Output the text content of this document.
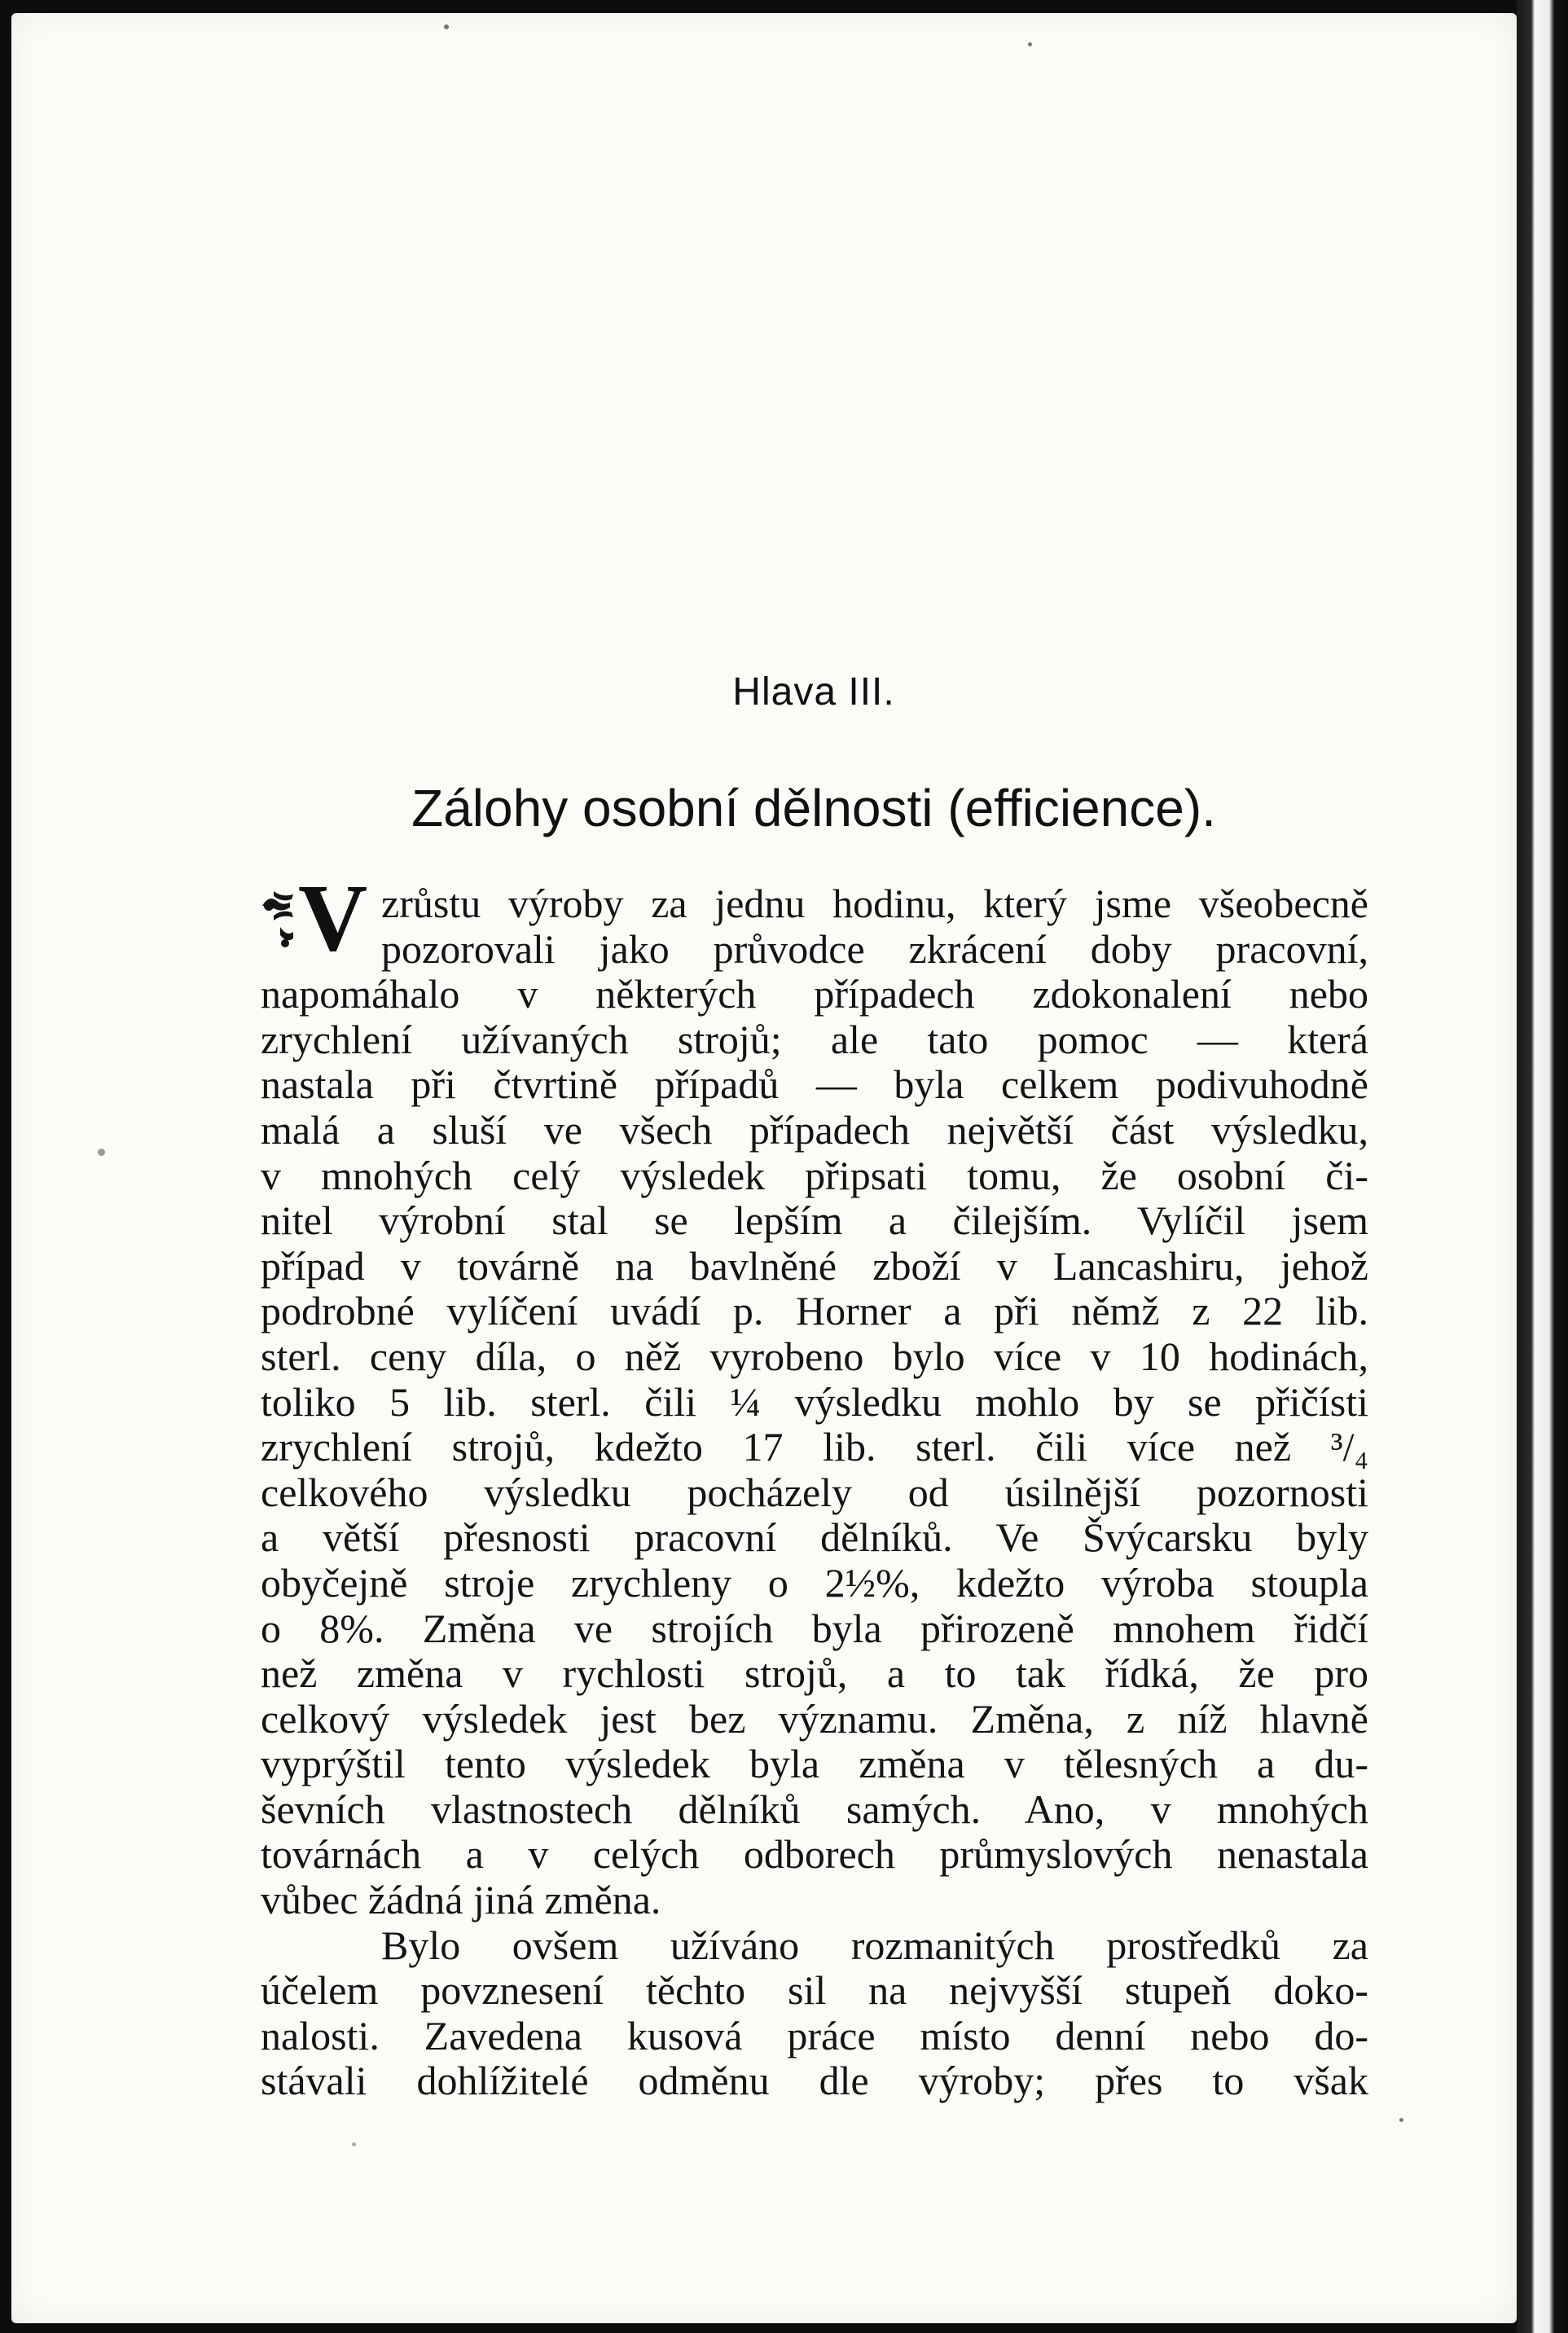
Hlava III.
Zálohy osobní dělnosti (efficience).
V zrůstu výroby za jednu hodinu, který jsme všeobecně
pozorovali jako průvodce zkrácení doby pracovní,
napomáhalo v některých případech zdokonalení nebo
zrychlení užívaných strojů; ale tato pomoc — která
nastala při čtvrtině případů — byla celkem podivuhodně
malá a sluší ve všech případech největší část výsledku,
v mnohých celý výsledek připsati tomu, že osobní či-
nitel výrobní stal se lepším a čilejším. Vylíčil jsem
případ v továrně na bavlněné zboží v Lancashiru, jehož
podrobné vylíčení uvádí p. Horner a při němž z 22 lib.
sterl. ceny díla, o něž vyrobeno bylo více v 10 hodinách,
toliko 5 lib. sterl. čili ¼ výsledku mohlo by se přičísti
zrychlení strojů, kdežto 17 lib. sterl. čili více než ³/₄
celkového výsledku pocházely od úsilnější pozornosti
a větší přesnosti pracovní dělníků. Ve Švýcarsku byly
obyčejně stroje zrychleny o 2½%, kdežto výroba stoupla
o 8%. Změna ve strojích byla přirozeně mnohem řidčí
než změna v rychlosti strojů, a to tak řídká, že pro
celkový výsledek jest bez významu. Změna, z níž hlavně
vyprýštil tento výsledek byla změna v tělesných a du-
ševních vlastnostech dělníků samých. Ano, v mnohých
továrnách a v celých odborech průmyslových nenastala
vůbec žádná jiná změna.
Bylo ovšem užíváno rozmanitých prostředků za
účelem povznesení těchto sil na nejvyšší stupeň doko-
nalosti. Zavedena kusová práce místo denní nebo do-
stávali dohlížitelé odměnu dle výroby; přes to však
